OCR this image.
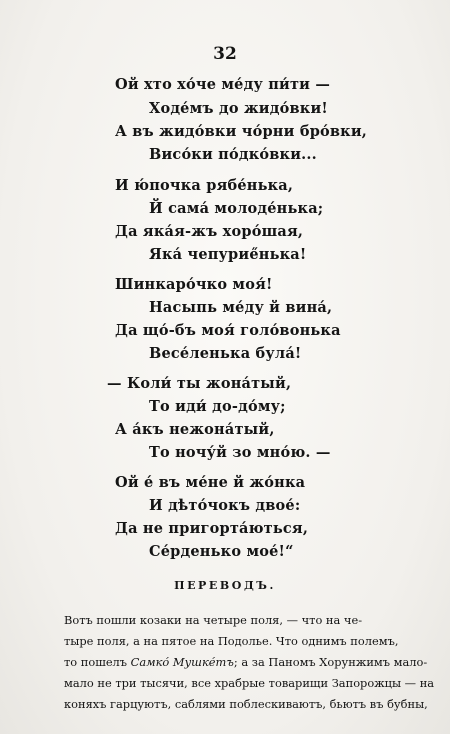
32
Ой хто хо́че ме́ду пи́ти —
Ходе́мъ до жидо́вки!
А въ жидо́вки чо́рни бро́вки,
Висо́ки по́дко́вки...
И ю́почка рябе́нька,
Й сама́ молоде́нька;
Да яка́я-жъ хоро́шая,
Яка́ чепуриe̋нька!
Шинкаро́чко моя́!
Насыпь ме́ду й вина́,
Да що́-бъ моя́ голо́вонька
Весе́ленька була́!
— Коли́ ты жона́тый,
То иди́ до-до́му;
А а́къ нежона́тый,
То ночу́й зо мно́ю. —
Ой е́ въ ме́не й жо́нка
И дѣто́чокъ двое́:
Да не пригорта́ються,
Се́рденько мое́!“
ПЕРЕВОДЪ.
Вотъ пошли козаки на четыре поля, — что на че-
тыре поля, а на пятое на Подолье. Что однимъ полемъ,
то пошелъ Самко́ Мушке́тъ; а за Паномъ Хорунжимъ мало-
мало не три тысячи, все храбрые товарищи Запорожцы — на
коняхъ гарцуютъ, саблями поблескиваютъ, бьютъ въ бубны,
